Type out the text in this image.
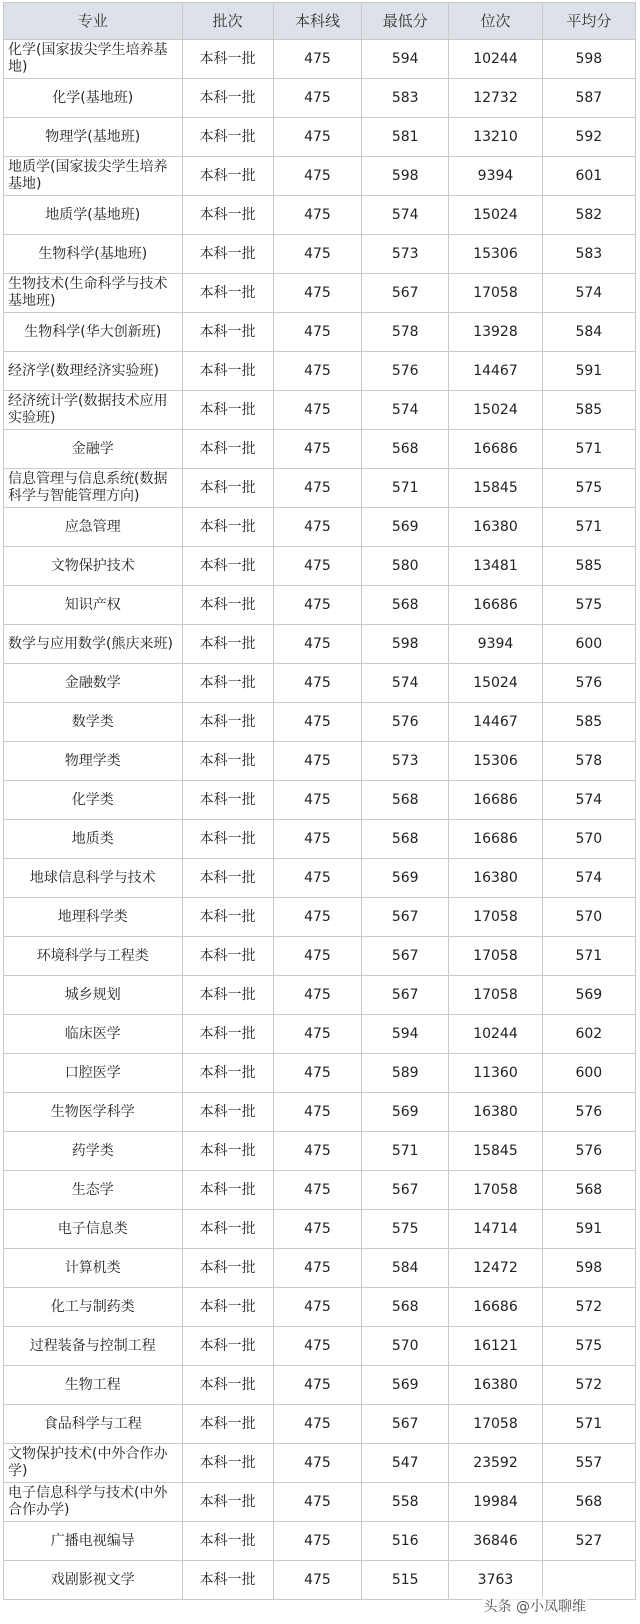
专业	批次	本科线	最低分	位次	平均分
化学(国家拔尖学生培养基地)	本科一批	475	594	10244	598
化学(基地班)	本科一批	475	583	12732	587
物理学(基地班)	本科一批	475	581	13210	592
地质学(国家拔尖学生培养基地)	本科一批	475	598	9394	601
地质学(基地班)	本科一批	475	574	15024	582
生物科学(基地班)	本科一批	475	573	15306	583
生物技术(生命科学与技术基地班)	本科一批	475	567	17058	574
生物科学(华大创新班)	本科一批	475	578	13928	584
经济学(数理经济实验班)	本科一批	475	576	14467	591
经济统计学(数据技术应用实验班)	本科一批	475	574	15024	585
金融学	本科一批	475	568	16686	571
信息管理与信息系统(数据科学与智能管理方向)	本科一批	475	571	15845	575
应急管理	本科一批	475	569	16380	571
文物保护技术	本科一批	475	580	13481	585
知识产权	本科一批	475	568	16686	575
数学与应用数学(熊庆来班)	本科一批	475	598	9394	600
金融数学	本科一批	475	574	15024	576
数学类	本科一批	475	576	14467	585
物理学类	本科一批	475	573	15306	578
化学类	本科一批	475	568	16686	574
地质类	本科一批	475	568	16686	570
地球信息科学与技术	本科一批	475	569	16380	574
地理科学类	本科一批	475	567	17058	570
环境科学与工程类	本科一批	475	567	17058	571
城乡规划	本科一批	475	567	17058	569
临床医学	本科一批	475	594	10244	602
口腔医学	本科一批	475	589	11360	600
生物医学科学	本科一批	475	569	16380	576
药学类	本科一批	475	571	15845	576
生态学	本科一批	475	567	17058	568
电子信息类	本科一批	475	575	14714	591
计算机类	本科一批	475	584	12472	598
化工与制药类	本科一批	475	568	16686	572
过程装备与控制工程	本科一批	475	570	16121	575
生物工程	本科一批	475	569	16380	572
食品科学与工程	本科一批	475	567	17058	571
文物保护技术(中外合作办学)	本科一批	475	547	23592	557
电子信息科学与技术(中外合作办学)	本科一批	475	558	19984	568
广播电视编导	本科一批	475	516	36846	527
戏剧影视文学	本科一批	475	515	3763	
头条 @小凤聊维
